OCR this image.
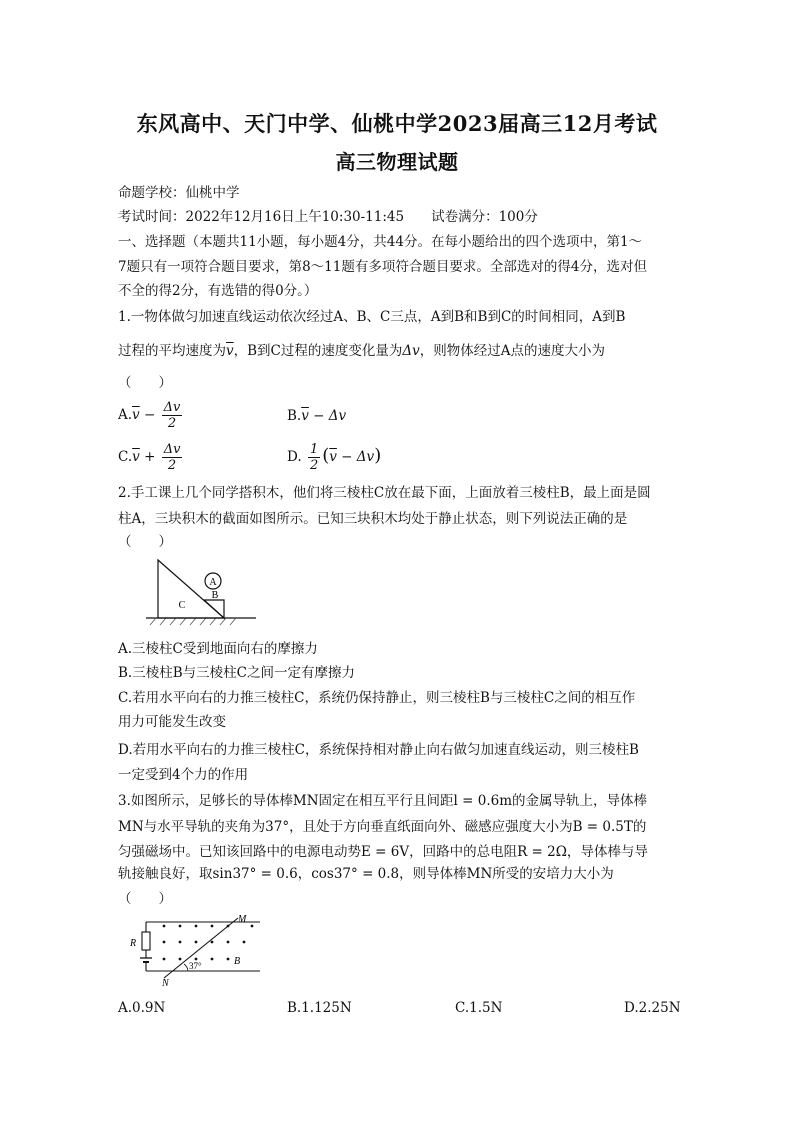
东风高中、天门中学、仙桃中学2023届高三12月考试
高三物理试题
命题学校：仙桃中学
考试时间：2022年12月16日上午10:30-11:45　　试卷满分：100分
一、选择题（本题共11小题，每小题4分，共44分。在每小题给出的四个选项中，第1～
7题只有一项符合题目要求，第8～11题有多项符合题目要求。全部选对的得4分，选对但
不全的得2分，有选错的得0分。）
1.一物体做匀加速直线运动依次经过A、B、C三点，A到B和B到C的时间相同，A到B
过程的平均速度为$\overline{v}$，B到C过程的速度变化量为Δv，则物体经过A点的速度大小为
（　　）
$A.\overline{v} - \frac{\Delta v}{2}$	$B.\overline{v} - \Delta v$
$C.\overline{v} + \frac{\Delta v}{2}$	D. $\frac{1}{2} (\overline{v} - \Delta v)$
2.手工课上几个同学搭积木，他们将三棱柱C放在最下面，上面放着三棱柱B，最上面是圆
柱A，三块积木的截面如图所示。已知三块积木均处于静止状态，则下列说法正确的是
（　　）
A
B
C
A.三棱柱C受到地面向右的摩擦力
B.三棱柱B与三棱柱C之间一定有摩擦力
C.若用水平向右的力推三棱柱C，系统仍保持静止，则三棱柱B与三棱柱C之间的相互作
用力可能发生改变
D.若用水平向右的力推三棱柱C，系统保持相对静止向右做匀加速直线运动，则三棱柱B
一定受到4个力的作用
3.如图所示，足够长的导体棒MN固定在相互平行且间距l = 0.6m的金属导轨上，导体棒
MN与水平导轨的夹角为37°，且处于方向垂直纸面向外、磁感应强度大小为B = 0.5T的
匀强磁场中。已知该回路中的电源电动势E = 6V，回路中的总电阻R = 2Ω，导体棒与导
轨接触良好，取sin37° = 0.6，cos37° = 0.8，则导体棒MN所受的安培力大小为
（　　）
R
M
N
B
37°
A.0.9N	B.1.125N	C.1.5N	D.2.25N
